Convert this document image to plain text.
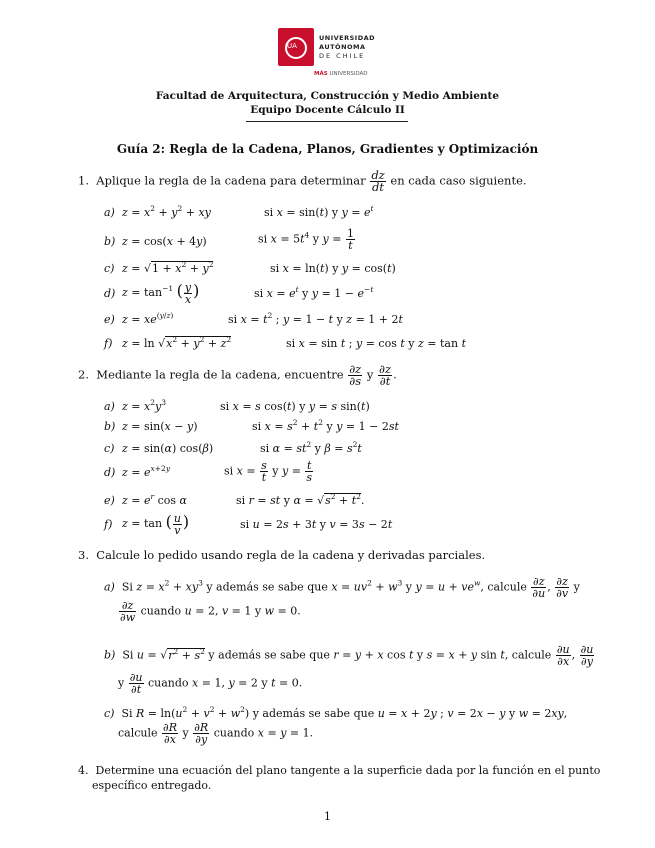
UA
UNIVERSIDAD
AUTÓNOMA
DE CHILE
MÁS UNIVERSIDAD
Facultad de Arquitectura, Construcción y Medio Ambiente
Equipo Docente Cálculo II
Guía 2: Regla de la Cadena, Planos, Gradientes y Optimización
1. Aplique la regla de la cadena para determinar $\frac{dz}{dt}$ en cada caso siguiente.
a) $z = x^2 + y^2$ + xy	si x = sin(t) y $y = e^t$
b) z = cos(x + 4y)	si $x = 5t^4$ y $y = \frac{1}{t}$
c) $z = √1 + x^2 + y^2$	si x = ln(t) y y = cos(t)
d) $z = \tan^{-1}$ ( $\frac{y}{x}$ )	si $x = e^t$ y $y = 1 - e^{-t}$
e) $z = xe^{(y/z)}$	si $x = t^2$ ; y = 1 − t y z = 1 + 2t
f) $z = \ln √x^2 + y^2 + z^2$	si x = sin t ; y = cos t y z = tan t
2. Mediante la regla de la cadena, encuentre $\frac{\partial z}{\partial s}$ y $\frac{\partial z}{\partial t}$ .
a) $z = x^2y^3$	si x = s cos(t) y y = s sin(t)
b) z = sin(x − y)	si $x = s^2 + t^2$ y y = 1 − 2st
c) z = sin(α) cos(β)	si $\alpha = st^2$ y $\beta = s^2t$
d) $z = e^{x+2y}$	si $x = \frac{s}{t}$ y $y = \frac{t}{s}$
e) $z = e^r$ cos α	si r = st y $\alpha = √s^2 + t^2$.
f) z = tan ( $\frac{u}{v}$ )	si u = 2s + 3t y v = 3s − 2t
3. Calcule lo pedido usando regla de la cadena y derivadas parciales.
a)  Si $z = x^2 + xy^3$ y además se sabe que $x = uv^2 + w^3$ y $y = u + ve^w$, calcule $\frac{\partial z}{\partial u}$ , $\frac{\partial z}{\partial v}$ y
$\frac{\partial z}{\partial w}$ cuando u = 2, v = 1 y w = 0.
b)  Si $u = √r^2 + s^2$ y además se sabe que r = y + x cos t y s = x + y sin t, calcule $\frac{\partial u}{\partial x}$ , $\frac{\partial u}{\partial y}$
y $\frac{\partial u}{\partial t}$ cuando x = 1, y = 2 y t = 0.
c)  Si $R = \ln(u^2 + v^2 + w^2)$ y además se sabe que u = x + 2y ; v = 2x − y y w = 2xy,
calcule $\frac{\partial R}{\partial x}$ y $\frac{\partial R}{\partial y}$ cuando x = y = 1.
4. Determine una ecuación del plano tangente a la superficie dada por la función en el punto
específico entregado.
1
